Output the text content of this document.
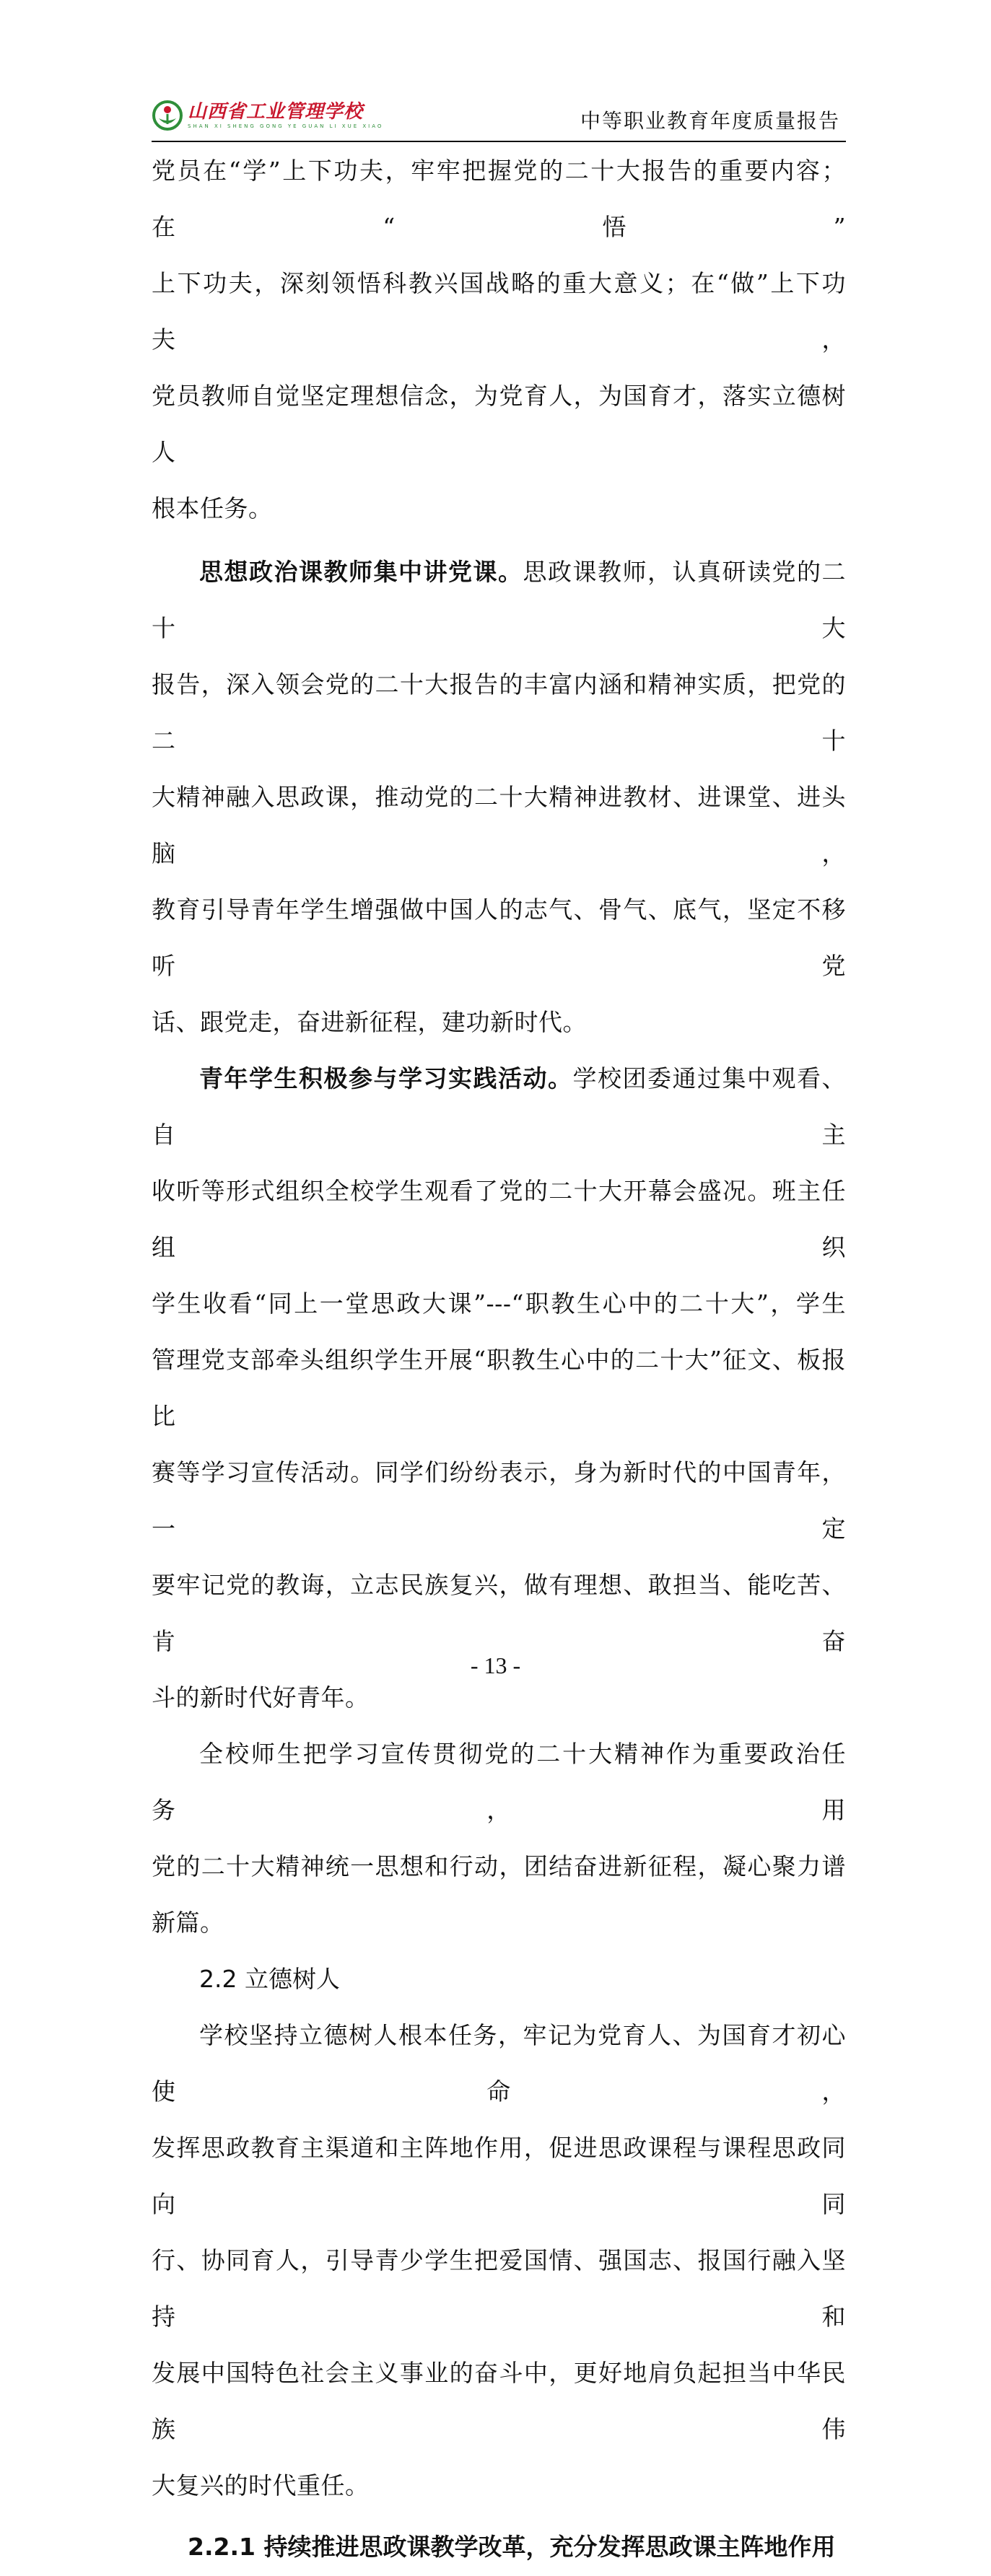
山西省工业管理学校
SHAN XI SHENG GONG YE GUAN LI XUE XIAO	中等职业教育年度质量报告

党员在“学”上下功夫，牢牢把握党的二十大报告的重要内容；在“悟”

上下功夫，深刻领悟科教兴国战略的重大意义；在“做”上下功夫，

党员教师自觉坚定理想信念，为党育人，为国育才，落实立德树人

根本任务。

思想政治课教师集中讲党课。思政课教师，认真研读党的二十大

报告，深入领会党的二十大报告的丰富内涵和精神实质，把党的二十

大精神融入思政课，推动党的二十大精神进教材、进课堂、进头脑，

教育引导青年学生增强做中国人的志气、骨气、底气，坚定不移听党

话、跟党走，奋进新征程，建功新时代。

青年学生积极参与学习实践活动。学校团委通过集中观看、自主

收听等形式组织全校学生观看了党的二十大开幕会盛况。班主任组织

学生收看“同上一堂思政大课”---“职教生心中的二十大”，学生

管理党支部牵头组织学生开展“职教生心中的二十大”征文、板报比

赛等学习宣传活动。同学们纷纷表示，身为新时代的中国青年，一定

要牢记党的教诲，立志民族复兴，做有理想、敢担当、能吃苦、肯奋

斗的新时代好青年。

全校师生把学习宣传贯彻党的二十大精神作为重要政治任务，用

党的二十大精神统一思想和行动，团结奋进新征程，凝心聚力谱新篇。

2.2 立德树人

学校坚持立德树人根本任务，牢记为党育人、为国育才初心使命，

发挥思政教育主渠道和主阵地作用，促进思政课程与课程思政同向同

行、协同育人，引导青少学生把爱国情、强国志、报国行融入坚持和

发展中国特色社会主义事业的奋斗中，更好地肩负起担当中华民族伟

大复兴的时代重任。

2.2.1 持续推进思政课教学改革，充分发挥思政课主阵地作用
- 13 -
